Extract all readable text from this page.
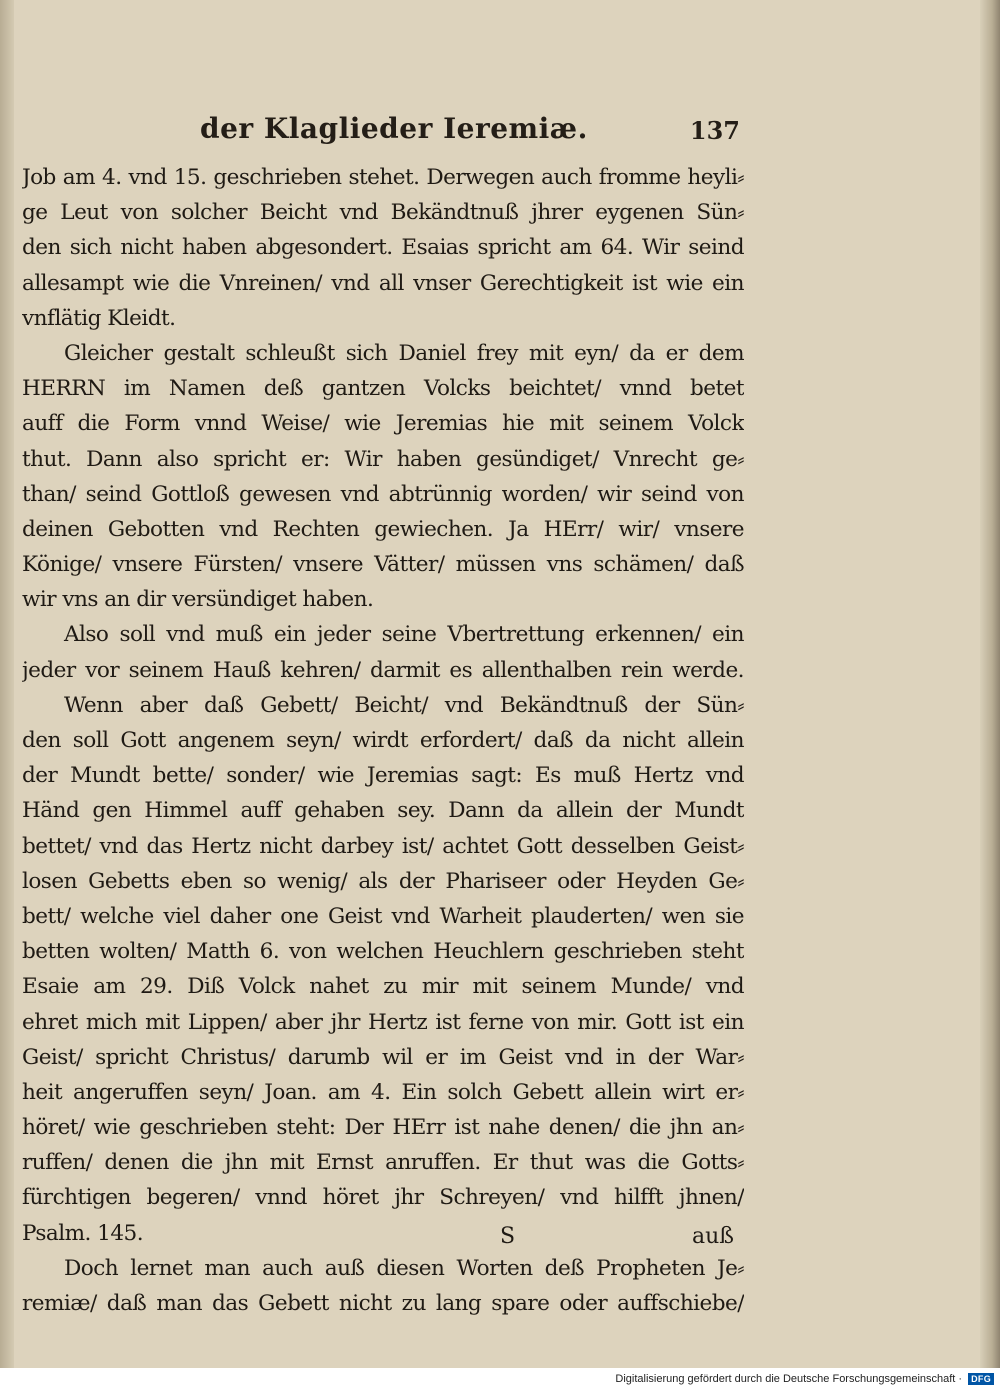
der Klaglieder Ieremiæ.	137
Job am 4. vnd 15. geschrieben stehet. Derwegen auch fromme heyli⸗
ge Leut von solcher Beicht vnd Bekändtnuß jhrer eygenen Sün⸗
den sich nicht haben abgesondert. Esaias spricht am 64. Wir seind
allesampt wie die Vnreinen/ vnd all vnser Gerechtigkeit ist wie ein
vnflätig Kleidt.
Gleicher gestalt schleußt sich Daniel frey mit eyn/ da er dem
HERRN im Namen deß gantzen Volcks beichtet/ vnnd betet
auff die Form vnnd Weise/ wie Jeremias hie mit seinem Volck
thut. Dann also spricht er: Wir haben gesündiget/ Vnrecht ge⸗
than/ seind Gottloß gewesen vnd abtrünnig worden/ wir seind von
deinen Gebotten vnd Rechten gewiechen. Ja HErr/ wir/ vnsere
Könige/ vnsere Fürsten/ vnsere Vätter/ müssen vns schämen/ daß
wir vns an dir versündiget haben.
Also soll vnd muß ein jeder seine Vbertrettung erkennen/ ein
jeder vor seinem Hauß kehren/ darmit es allenthalben rein werde.
Wenn aber daß Gebett/ Beicht/ vnd Bekändtnuß der Sün⸗
den soll Gott angenem seyn/ wirdt erfordert/ daß da nicht allein
der Mundt bette/ sonder/ wie Jeremias sagt: Es muß Hertz vnd
Händ gen Himmel auff gehaben sey. Dann da allein der Mundt
bettet/ vnd das Hertz nicht darbey ist/ achtet Gott desselben Geist⸗
losen Gebetts eben so wenig/ als der Phariseer oder Heyden Ge⸗
bett/ welche viel daher one Geist vnd Warheit plauderten/ wen sie
betten wolten/ Matth 6. von welchen Heuchlern geschrieben steht
Esaie am 29. Diß Volck nahet zu mir mit seinem Munde/ vnd
ehret mich mit Lippen/ aber jhr Hertz ist ferne von mir. Gott ist ein
Geist/ spricht Christus/ darumb wil er im Geist vnd in der War⸗
heit angeruffen seyn/ Joan. am 4. Ein solch Gebett allein wirt er⸗
höret/ wie geschrieben steht: Der HErr ist nahe denen/ die jhn an⸗
ruffen/ denen die jhn mit Ernst anruffen. Er thut was die Gotts⸗
fürchtigen begeren/ vnnd höret jhr Schreyen/ vnd hilfft jhnen/
Psalm. 145.
Doch lernet man auch auß diesen Worten deß Propheten Je⸗
remiæ/ daß man das Gebett nicht zu lang spare oder auffschiebe/
S	auß
Digitalisierung gefördert durch die Deutsche Forschungsgemeinschaft ·	DFG
